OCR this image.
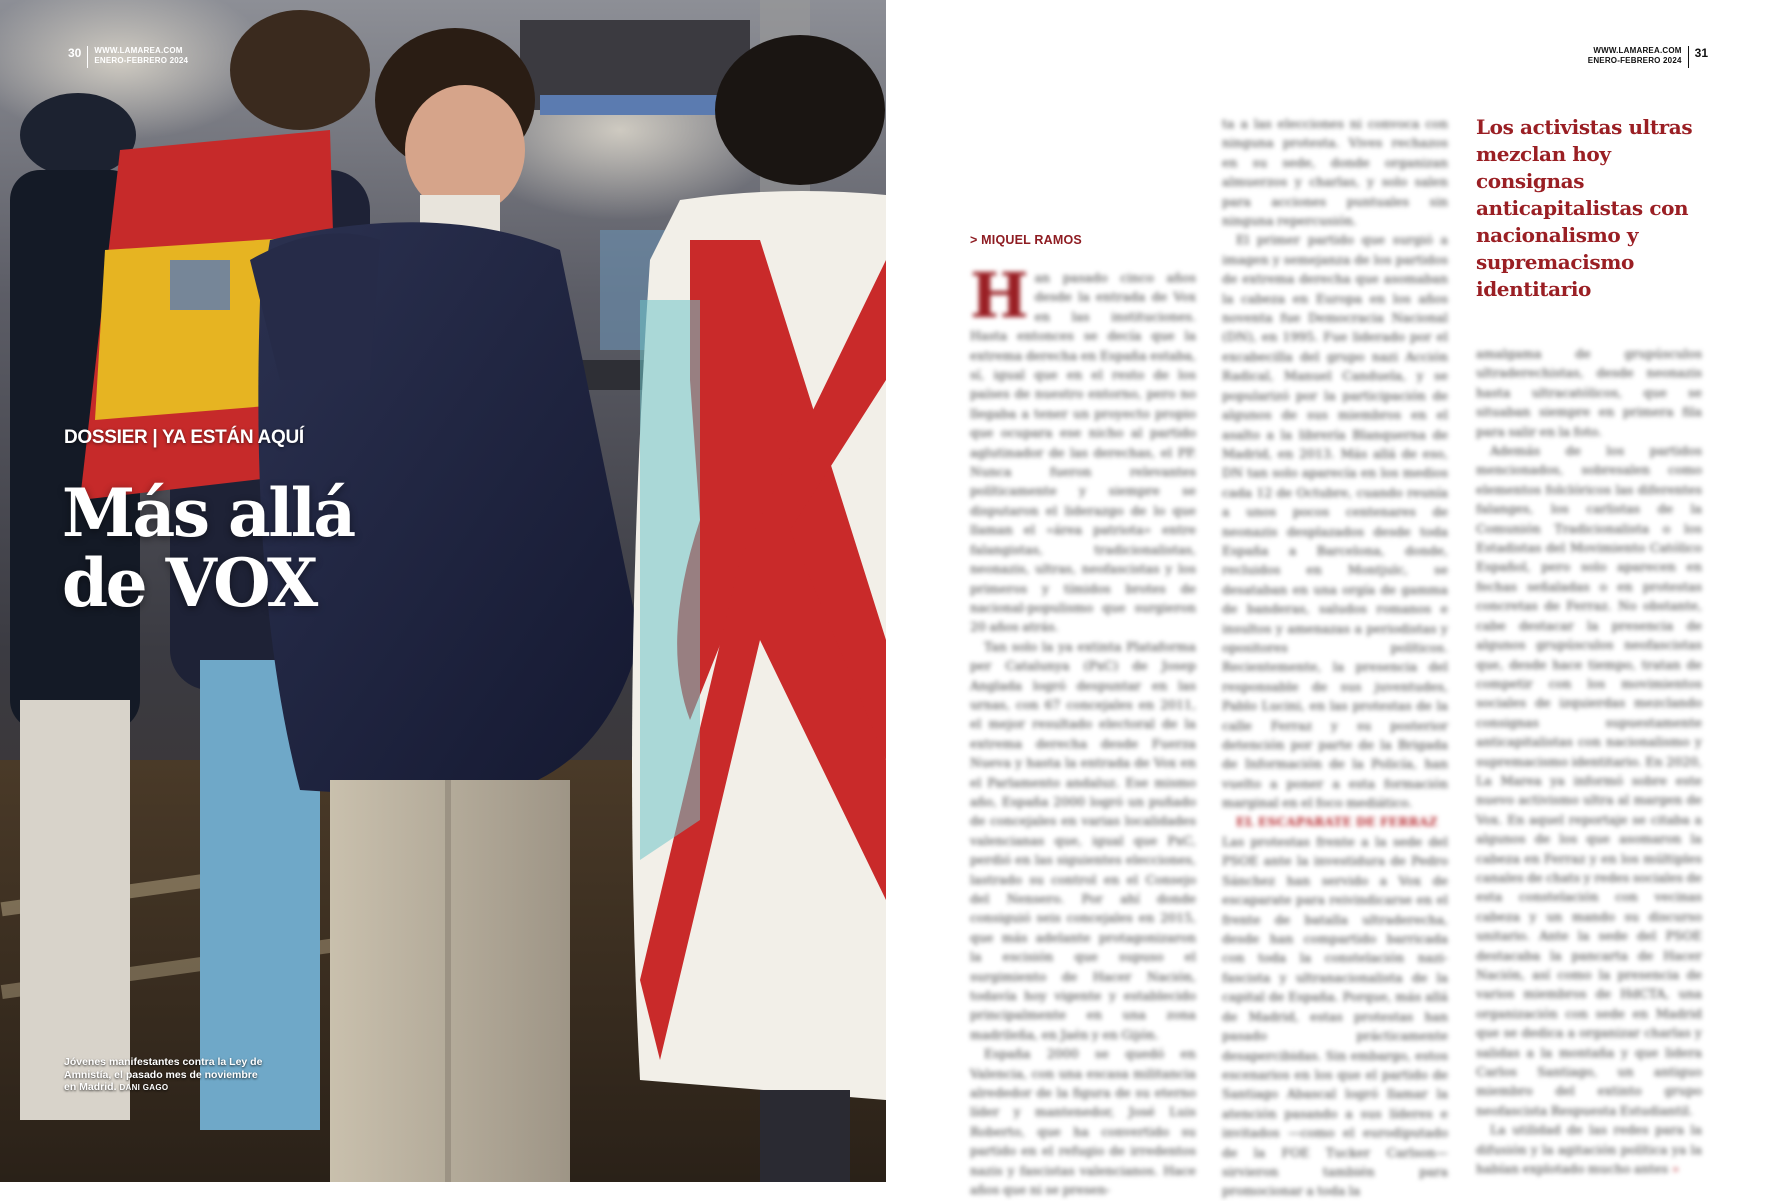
30 WWW.LAMAREA.COM
ENERO-FEBRERO 2024
DOSSIER | YA ESTÁN AQUÍ
Más allá
de VOX
Jóvenes manifestantes contra la Ley de Amnistía, el pasado mes de noviembre en Madrid. DANI GAGO
WWW.LAMAREA.COM
ENERO-FEBRERO 2024
31
> MIQUEL RAMOS
Los activistas ultras mezclan hoy consignas anticapitalistas con nacionalismo y supremacismo identitario
H an pasado cinco años desde la entrada de Vox en las instituciones. Hasta entonces se decía que la extrema derecha en España estaba, sí, igual que en el resto de los países de nuestro entorno, pero no llegaba a tener un proyecto propio que ocupara ese nicho al partido aglutinador de las derechas, el PP. Nunca fueron relevantes políticamente y siempre se disputaron el liderazgo de lo que llaman el «área patriota» entre falangistas, tradicionalistas, neonazis, ultras, neofascistas y los primeros y tímidos brotes de nacional-populismo que surgieron 20 años atrás.

Tan solo la ya extinta Plataforma per Catalunya (PxC) de Josep Anglada logró despuntar en las urnas, con 67 concejales en 2011, el mejor resultado electoral de la extrema derecha desde Fuerza Nueva y hasta la entrada de Vox en el Parlamento andaluz. Ese mismo año, España 2000 logró un puñado de concejales en varias localidades valencianas que, igual que PxC, perdió en las siguientes elecciones, lastrado su control en el Consejo del Nensero. Por ahí donde consiguió seis concejales en 2015, que más adelante protagonizaron la escisión que supuso el surgimiento de Hacer Nación, todavía hoy vigente y establecido principalmente en una zona madrileña, en Jaén y en Gijón.

España 2000 se quedó en Valencia, con una escasa militancia alrededor de la figura de su eterno líder y mantenedor, José Luis Roberto, que ha convertido su partido en el refugio de irredentos nazis y fascistas valencianos. Hace años que ni se presen-

ta a las elecciones ni convoca con ninguna protesta. Vives rechazos en su sede, donde organizan almuerzos y charlas, y solo salen para acciones puntuales sin ninguna repercusión.

El primer partido que surgió a imagen y semejanza de los partidos de extrema derecha que asomaban la cabeza en Europa en los años noventa fue Democracia Nacional (DN), en 1995. Fue liderado por el excabecilla del grupo nazi Acción Radical, Manuel Canduela, y se popularizó por la participación de algunos de sus miembros en el asalto a la librería Blanquerna de Madrid, en 2013. Más allá de eso, DN tan solo aparecía en los medios cada 12 de Octubre, cuando reunía a unos pocos centenares de neonazis desplazados desde toda España a Barcelona, donde, recluidos en Montjuïc, se desataban en una orgía de gamma de banderas, saludos romanos e insultos y amenazas a periodistas y opositores políticos. Recientemente, la presencia del responsable de sus juventudes, Pablo Lucini, en las protestas de la calle Ferraz y su posterior detención por parte de la Brigada de Información de la Policía, han vuelto a poner a esta formación marginal en el foco mediático.

EL ESCAPARATE DE FERRAZ

Las protestas frente a la sede del PSOE ante la investidura de Pedro Sánchez han servido a Vox de escaparate para reivindicarse en el frente de batalla ultraderecha, desde han compartido barricada con toda la constelación nazi-fascista y ultranacionalista de la capital de España. Porque, más allá de Madrid, estas protestas han pasado prácticamente desapercibidas. Sin embargo, estos escenarios en los que el partido de Santiago Abascal logró llamar la atención pasando a sus líderes e invitados —como el eurodiputado de la FOE Tucker Carlson— sirvieron también para promocionar a toda la

amalgama de grupúsculos ultraderechistas, desde neonazis hasta ultracatólicos, que se situaban siempre en primera fila para salir en la foto.

Además de los partidos mencionados, sobresalen como elementos folclóricos las diferentes falanges, los carlistas de la Comunión Tradicionalista o los Estadistas del Movimiento Católico Español, pero solo aparecen en fechas señaladas o en protestas concretas de Ferraz. No obstante, cabe destacar la presencia de algunos grupúsculos neofascistas que, desde hace tiempo, tratan de competir con los movimientos sociales de izquierdas mezclando consignas supuestamente anticapitalistas con nacionalismo y supremacismo identitario. En 2020, La Marea ya informó sobre este nuevo activismo ultra al margen de Vox. En aquel reportaje se citaba a algunos de los que asomaron la cabeza en Ferraz y en los múltiples canales de chats y redes sociales de esta constelación con vecinas cabeza y un mando su discurso unitario. Ante la sede del PSOE destacaba la pancarta de Hacer Nación, así como la presencia de varios miembros de HdCTA, una organización con sede en Madrid que se dedica a organizar charlas y salidas a la montaña y que lidera Carlos Santiago, un antiguo miembro del extinto grupo neofascista Respuesta Estudiantil.

La utilidad de las redes para la difusión y la agitación política ya la habían explotado mucho antes »
